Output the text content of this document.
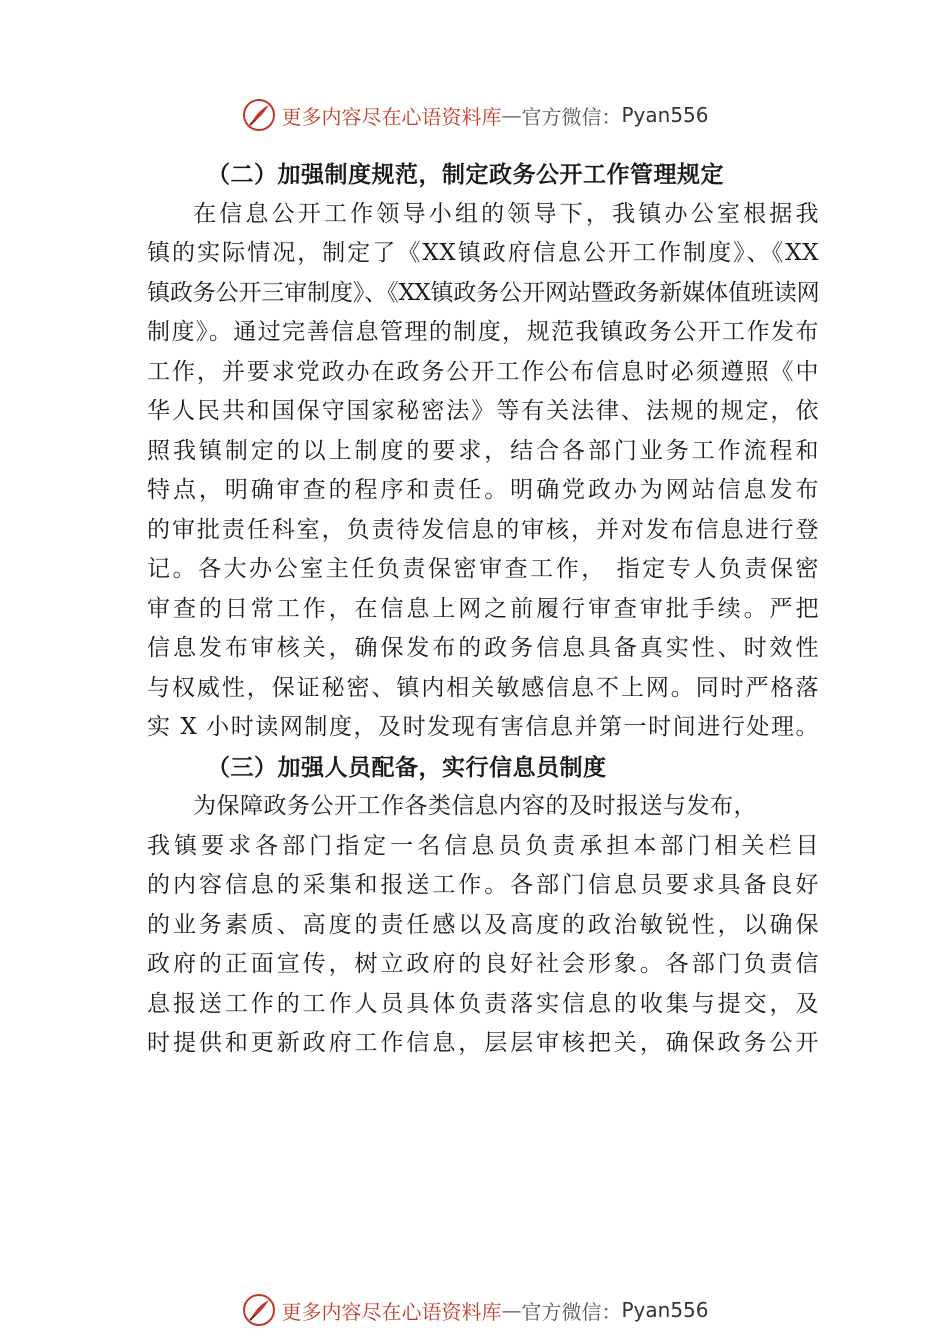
更多内容尽在心语资料库 — 官方微信： Pyan556
（二）加强制度规范，制定政务公开工作管理规定
在信息公开工作领导小组的领导下，我镇办公室根据我
镇的实际情况，制定了《XX镇政府信息公开工作制度》、《XX
镇政务公开三审制度》、《XX镇政务公开网站暨政务新媒体值班读网
制度》。通过完善信息管理的制度，规范我镇政务公开工作发布
工作，并要求党政办在政务公开工作公布信息时必须遵照《中
华人民共和国保守国家秘密法》等有关法律、法规的规定，依
照我镇制定的以上制度的要求，结合各部门业务工作流程和
特点，明确审查的程序和责任。明确党政办为网站信息发布
的审批责任科室，负责待发信息的审核，并对发布信息进行登
记。各大办公室主任负责保密审查工作， 指定专人负责保密
审查的日常工作，在信息上网之前履行审查审批手续。严把
信息发布审核关，确保发布的政务信息具备真实性、时效性
与权威性，保证秘密、镇内相关敏感信息不上网。同时严格落
实 X 小时读网制度，及时发现有害信息并第一时间进行处理。
（三）加强人员配备，实行信息员制度
为保障政务公开工作各类信息内容的及时报送与发布，
我镇要求各部门指定一名信息员负责承担本部门相关栏目
的内容信息的采集和报送工作。各部门信息员要求具备良好
的业务素质、高度的责任感以及高度的政治敏锐性，以确保
政府的正面宣传，树立政府的良好社会形象。各部门负责信
息报送工作的工作人员具体负责落实信息的收集与提交，及
时提供和更新政府工作信息，层层审核把关，确保政务公开
更多内容尽在心语资料库 — 官方微信： Pyan556
